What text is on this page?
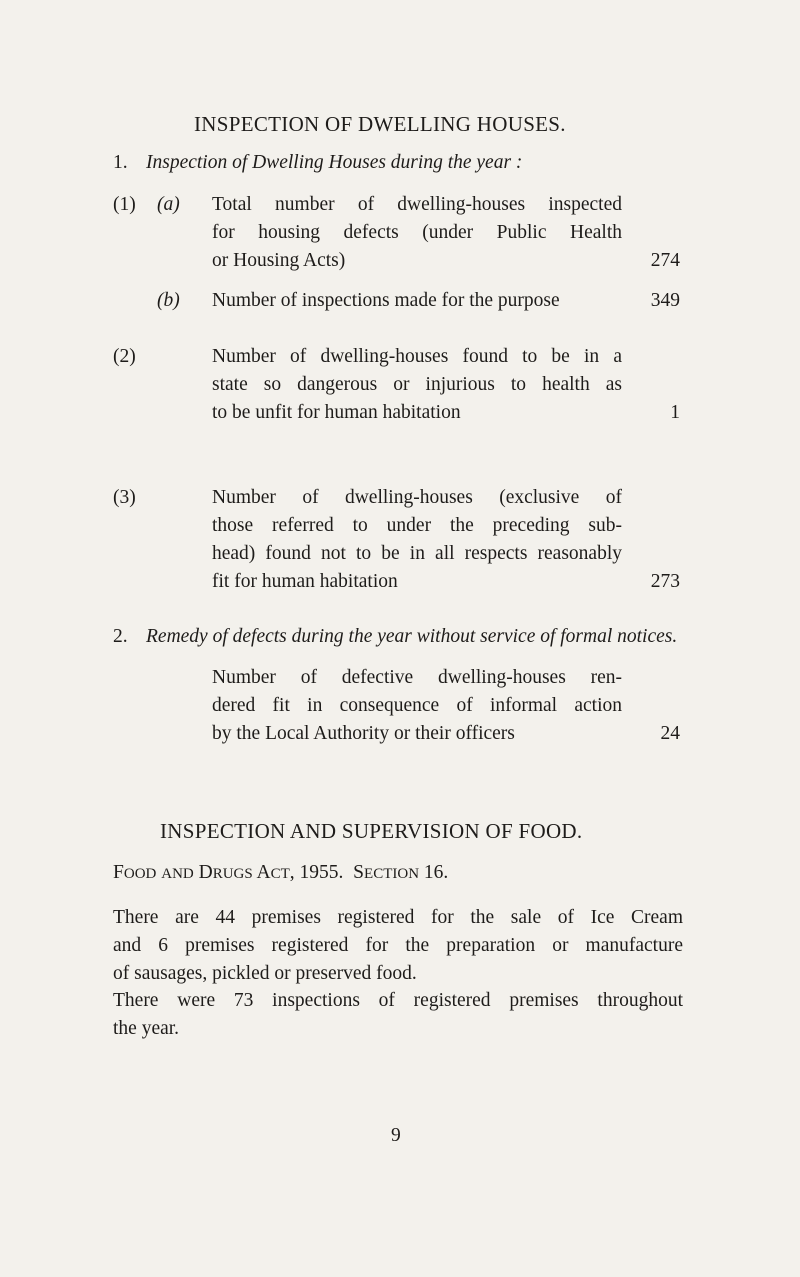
INSPECTION OF DWELLING HOUSES.
1. Inspection of Dwelling Houses during the year :
(1) (a) Total number of dwelling-houses inspected
for housing defects (under Public Health
or Housing Acts)	274
(b) Number of inspections made for the purpose	349
(2)	Number of dwelling-houses found to be in a
state so dangerous or injurious to health as
to be unfit for human habitation	1
(3)	Number of dwelling-houses (exclusive of
those referred to under the preceding sub-
head) found not to be in all respects reasonably
fit for human habitation	273
2. Remedy of defects during the year without service of formal notices.
Number of defective dwelling-houses ren-
dered fit in consequence of informal action
by the Local Authority or their officers	24
INSPECTION AND SUPERVISION OF FOOD.
FOOD AND DRUGS ACT, 1955. SECTION 16.
There are 44 premises registered for the sale of Ice Cream
and 6 premises registered for the preparation or manufacture
of sausages, pickled or preserved food.
There were 73 inspections of registered premises throughout
the year.
9
